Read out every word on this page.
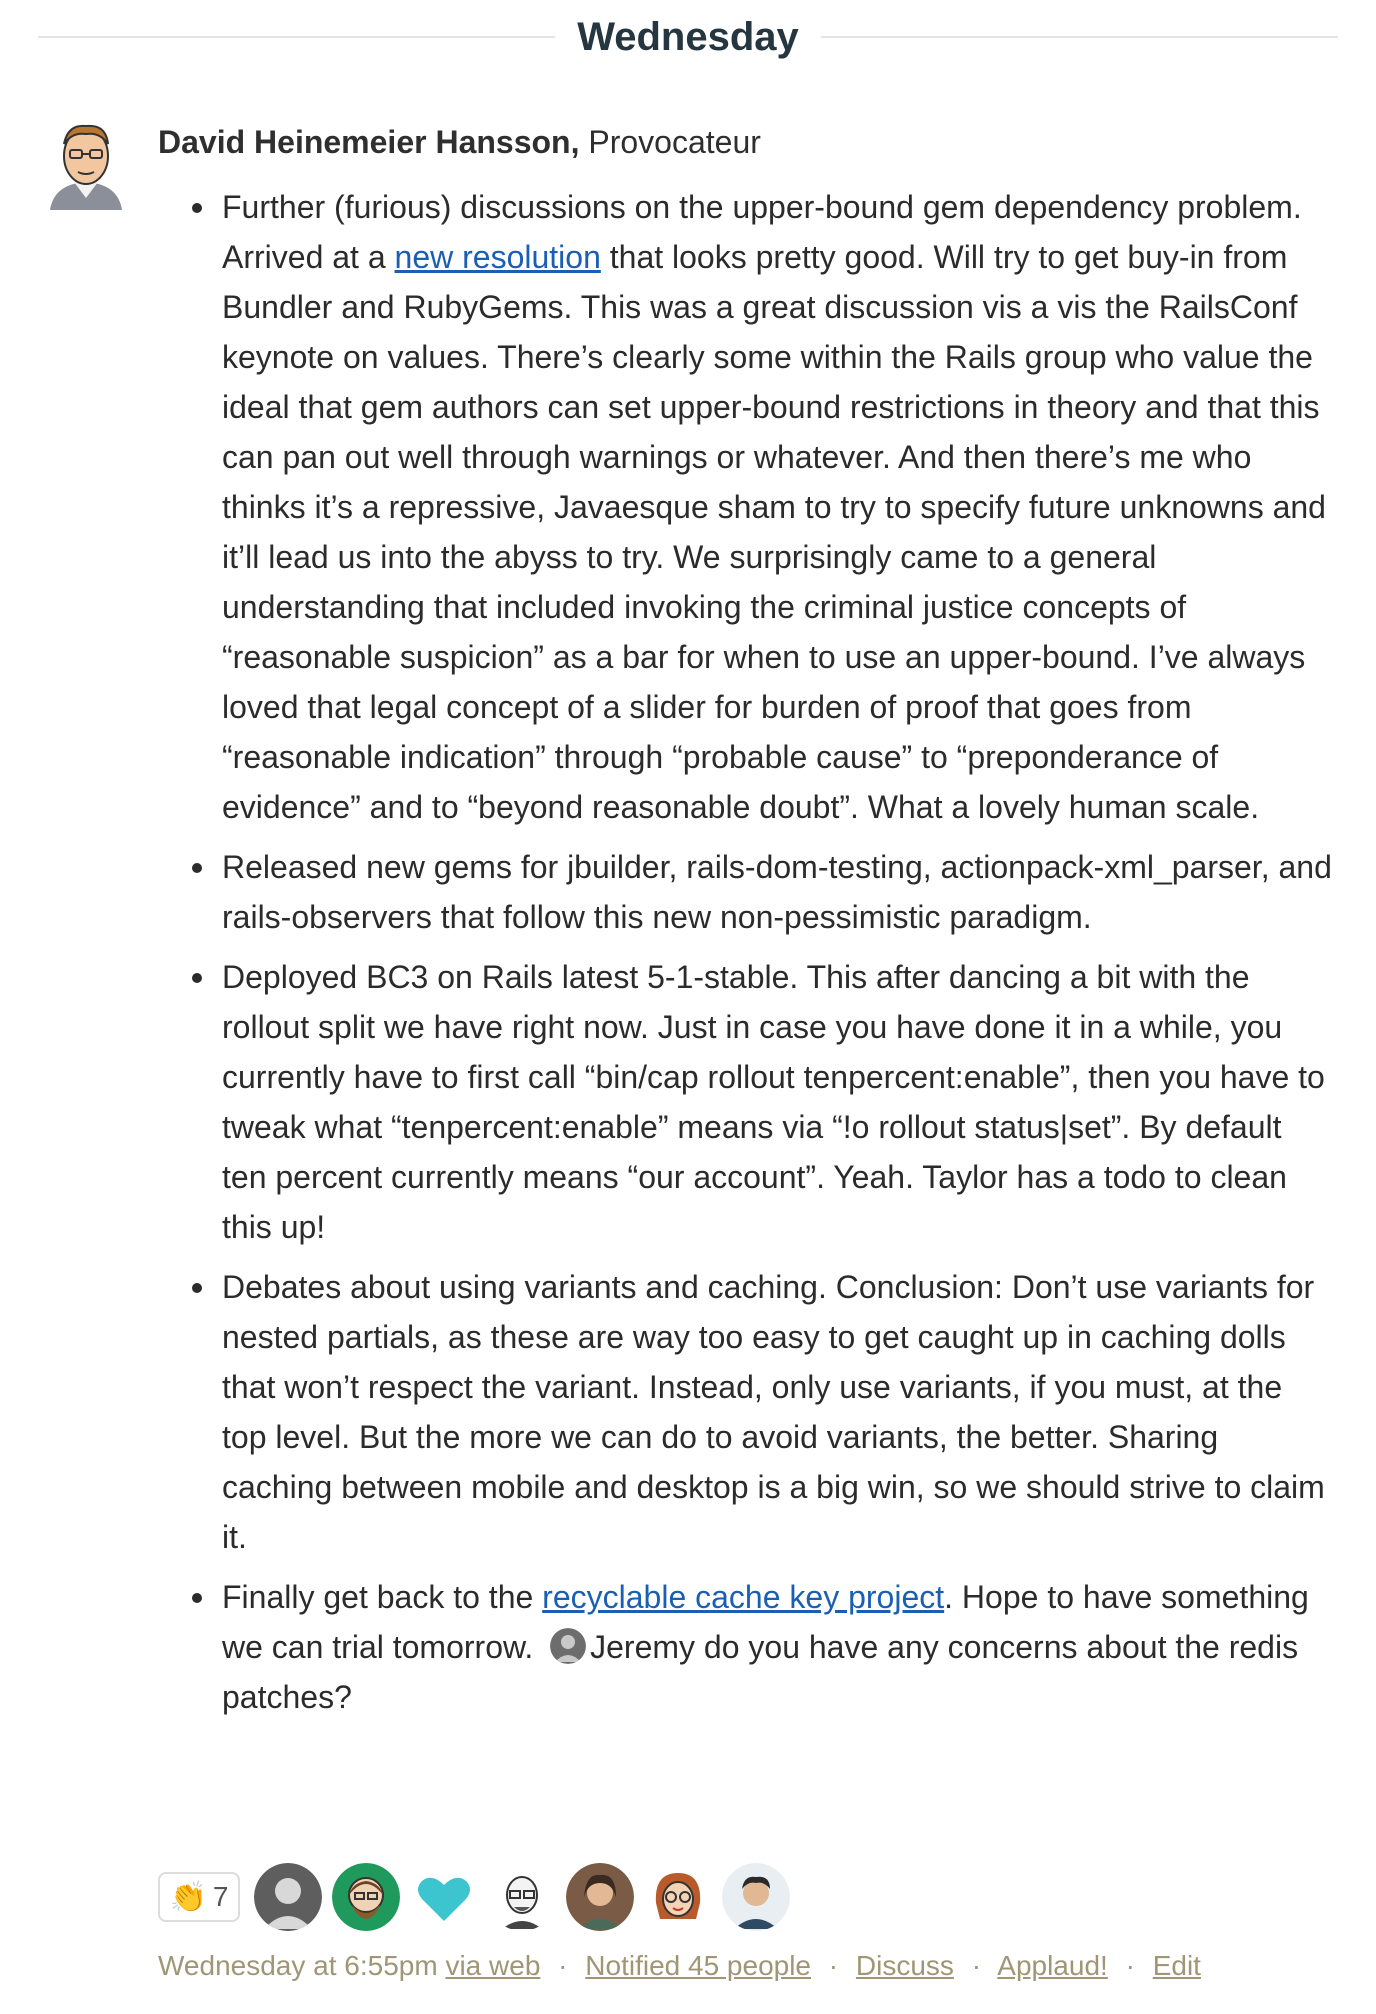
Wednesday
David Heinemeier Hansson, Provocateur
Further (furious) discussions on the upper-bound gem dependency problem. Arrived at a new resolution that looks pretty good. Will try to get buy-in from Bundler and RubyGems. This was a great discussion vis a vis the RailsConf keynote on values. There’s clearly some within the Rails group who value the ideal that gem authors can set upper-bound restrictions in theory and that this can pan out well through warnings or whatever. And then there’s me who thinks it’s a repressive, Javaesque sham to try to specify future unknowns and it’ll lead us into the abyss to try. We surprisingly came to a general understanding that included invoking the criminal justice concepts of “reasonable suspicion” as a bar for when to use an upper-bound. I’ve always loved that legal concept of a slider for burden of proof that goes from “reasonable indication” through “probable cause” to “preponderance of evidence” and to “beyond reasonable doubt”. What a lovely human scale.
Released new gems for jbuilder, rails-dom-testing, actionpack-xml_parser, and rails-observers that follow this new non-pessimistic paradigm.
Deployed BC3 on Rails latest 5-1-stable. This after dancing a bit with the rollout split we have right now. Just in case you have done it in a while, you currently have to first call “bin/cap rollout tenpercent:enable”, then you have to tweak what “tenpercent:enable” means via “!o rollout status|set”. By default ten percent currently means “our account”. Yeah. Taylor has a todo to clean this up!
Debates about using variants and caching. Conclusion: Don’t use variants for nested partials, as these are way too easy to get caught up in caching dolls that won’t respect the variant. Instead, only use variants, if you must, at the top level. But the more we can do to avoid variants, the better. Sharing caching between mobile and desktop is a big win, so we should strive to claim it.
Finally get back to the recyclable cache key project. Hope to have something we can trial tomorrow. Jeremy do you have any concerns about the redis patches?
👏 7
Wednesday at 6:55pm via web · Notified 45 people · Discuss · Applaud! · Edit
